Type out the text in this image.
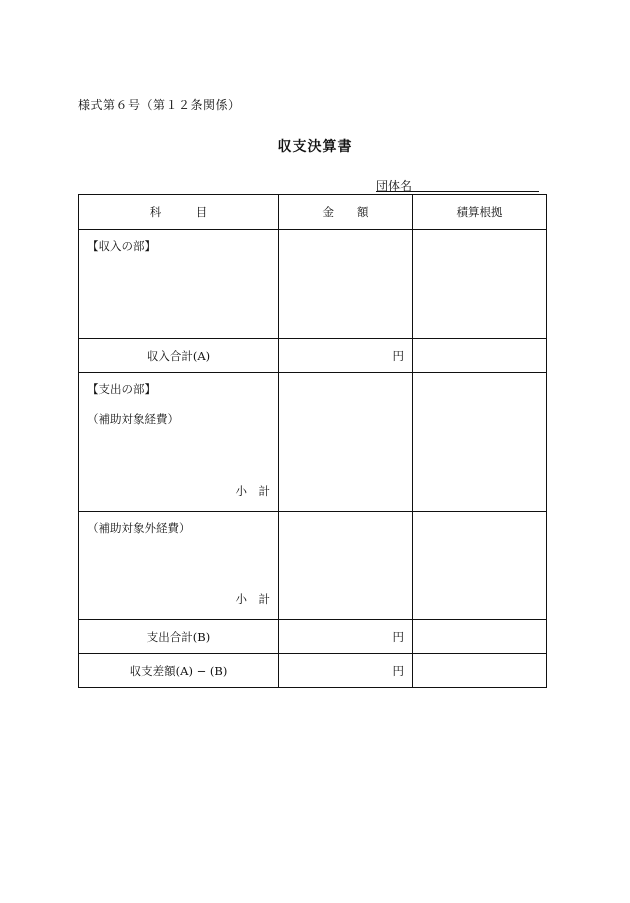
様式第６号（第１２条関係）
収支決算書
団体名
科　　　目	金　　額	積算根拠

【収入の部】		

収入合計(A)	円	

【支出の部】
（補助対象経費）
小　計		

（補助対象外経費）
小　計		

支出合計(B)	円	
収支差額(A) − (B)	円	
